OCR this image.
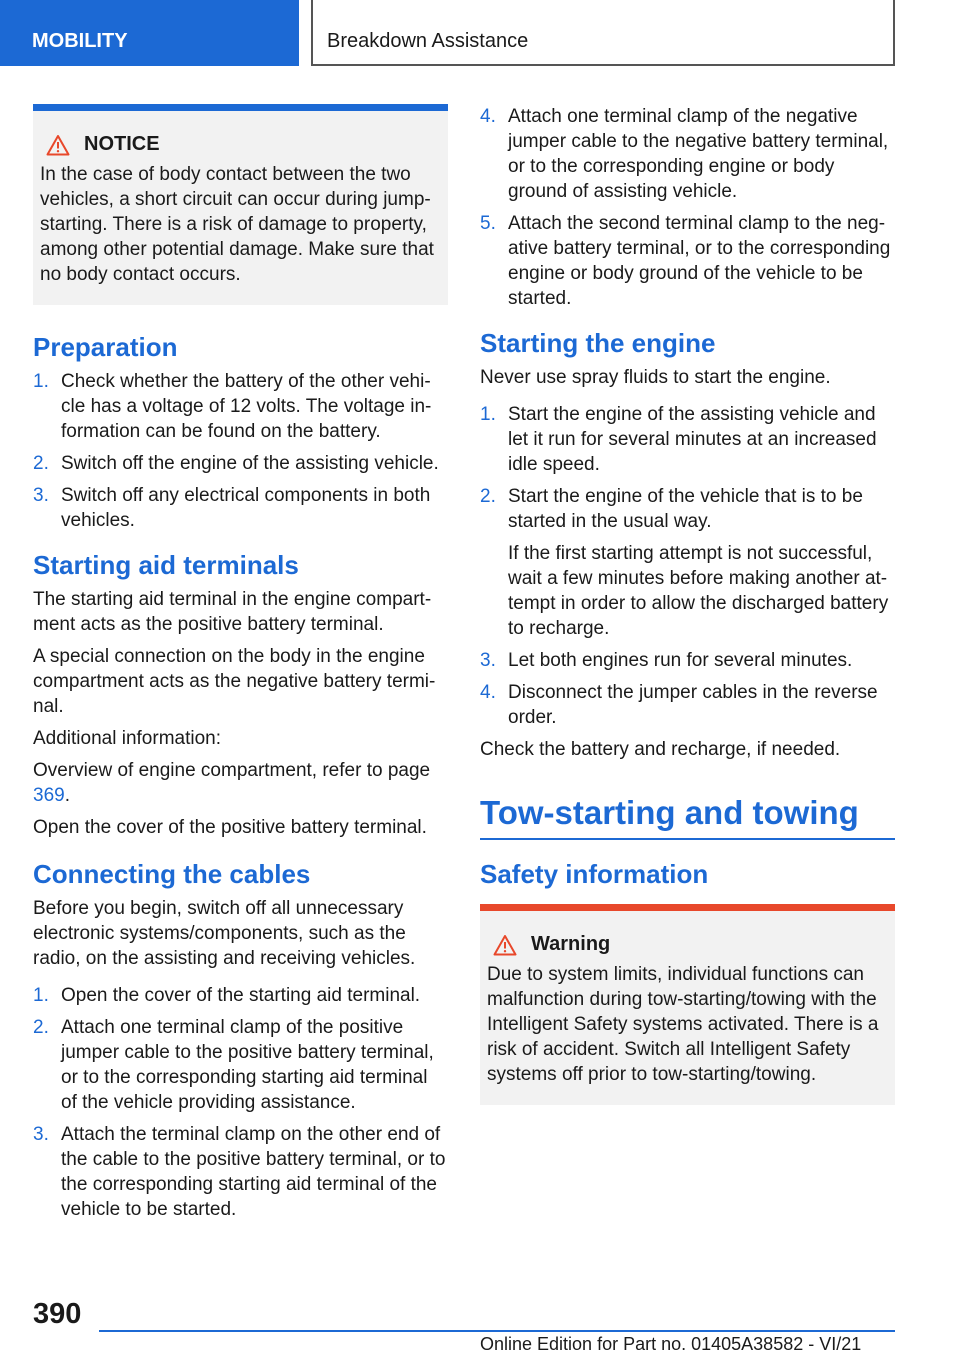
MOBILITY	Breakdown Assistance
NOTICE
In the case of body contact between the two vehicles, a short circuit can occur during jump-starting. There is a risk of damage to property, among other potential damage. Make sure that no body contact occurs.
Preparation
1. Check whether the battery of the other vehi-cle has a voltage of 12 volts. The voltage in-formation can be found on the battery.
2. Switch off the engine of the assisting vehicle.
3. Switch off any electrical components in both vehicles.
Starting aid terminals

The starting aid terminal in the engine compart-ment acts as the positive battery terminal.

A special connection on the body in the engine compartment acts as the negative battery termi-nal.

Additional information:

Overview of engine compartment, refer to page 369.

Open the cover of the positive battery terminal.

Connecting the cables

Before you begin, switch off all unnecessary electronic systems/components, such as the radio, on the assisting and receiving vehicles.

1. Open the cover of the starting aid terminal.
2. Attach one terminal clamp of the positive jumper cable to the positive battery terminal, or to the corresponding starting aid terminal of the vehicle providing assistance.
3. Attach the terminal clamp on the other end of the cable to the positive battery terminal, or to the corresponding starting aid terminal of the vehicle to be started.
4. Attach one terminal clamp of the negative jumper cable to the negative battery terminal, or to the corresponding engine or body ground of assisting vehicle.
5. Attach the second terminal clamp to the neg-ative battery terminal, or to the corresponding engine or body ground of the vehicle to be started.
Starting the engine

Never use spray fluids to start the engine.

1. Start the engine of the assisting vehicle and let it run for several minutes at an increased idle speed.
2. Start the engine of the vehicle that is to be started in the usual way.

If the first starting attempt is not successful, wait a few minutes before making another at-tempt in order to allow the discharged battery to recharge.

3. Let both engines run for several minutes.
4. Disconnect the jumper cables in the reverse order.

Check the battery and recharge, if needed.

Tow-starting and towing
Safety information
Warning
Due to system limits, individual functions can malfunction during tow-starting/towing with the Intelligent Safety systems activated. There is a risk of accident. Switch all Intelligent Safety systems off prior to tow-starting/towing.
390
Online Edition for Part no. 01405A38582 - VI/21
